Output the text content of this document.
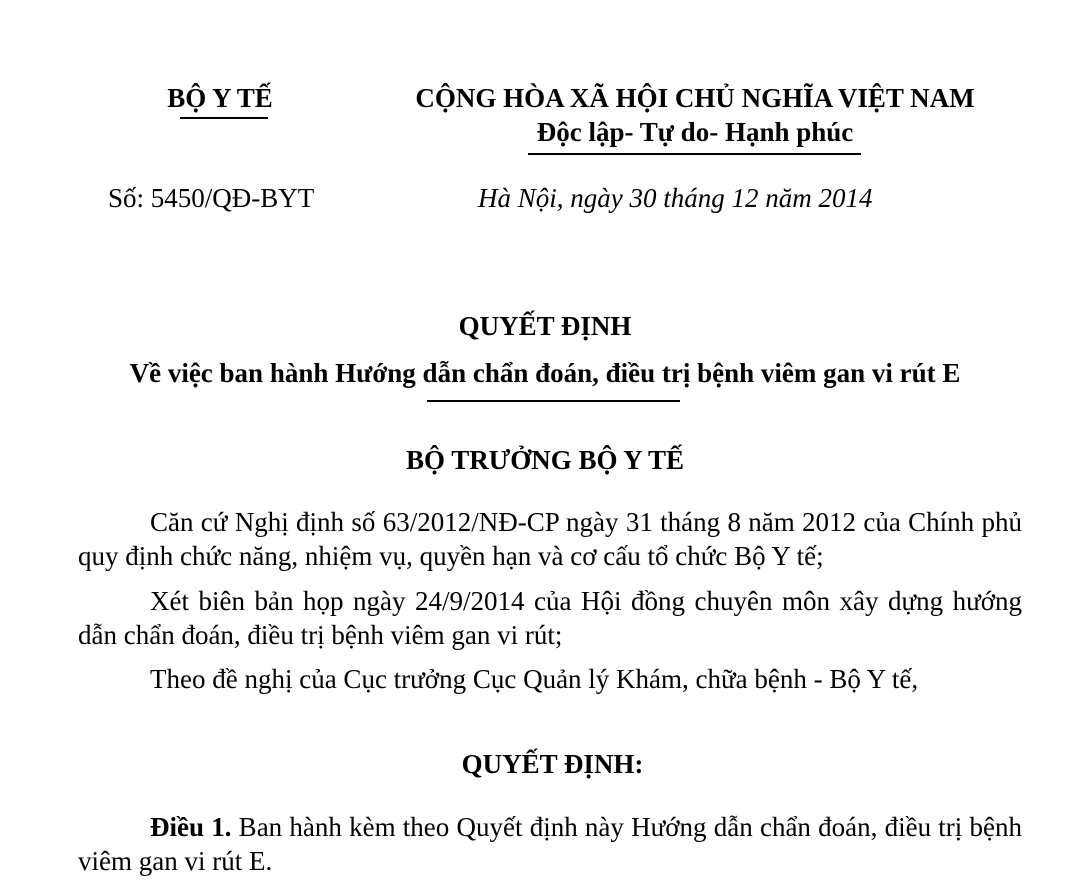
BỘ Y TẾ	CỘNG HÒA XÃ HỘI CHỦ NGHĨA VIỆT NAM
Độc lập- Tự do- Hạnh phúc
Số: 5450/QĐ-BYT	Hà Nội, ngày 30 tháng 12 năm 2014
QUYẾT ĐỊNH
Về việc ban hành Hướng dẫn chẩn đoán, điều trị bệnh viêm gan vi rút E
BỘ TRƯỞNG BỘ Y TẾ
Căn cứ Nghị định số 63/2012/NĐ-CP ngày 31 tháng 8 năm 2012 của Chính phủ quy định chức năng, nhiệm vụ, quyền hạn và cơ cấu tổ chức Bộ Y tế;
Xét biên bản họp ngày 24/9/2014 của Hội đồng chuyên môn xây dựng hướng dẫn chẩn đoán, điều trị bệnh viêm gan vi rút;
Theo đề nghị của Cục trưởng Cục Quản lý Khám, chữa bệnh - Bộ Y tế,
QUYẾT ĐỊNH:
Điều 1. Ban hành kèm theo Quyết định này Hướng dẫn chẩn đoán, điều trị bệnh viêm gan vi rút E.
